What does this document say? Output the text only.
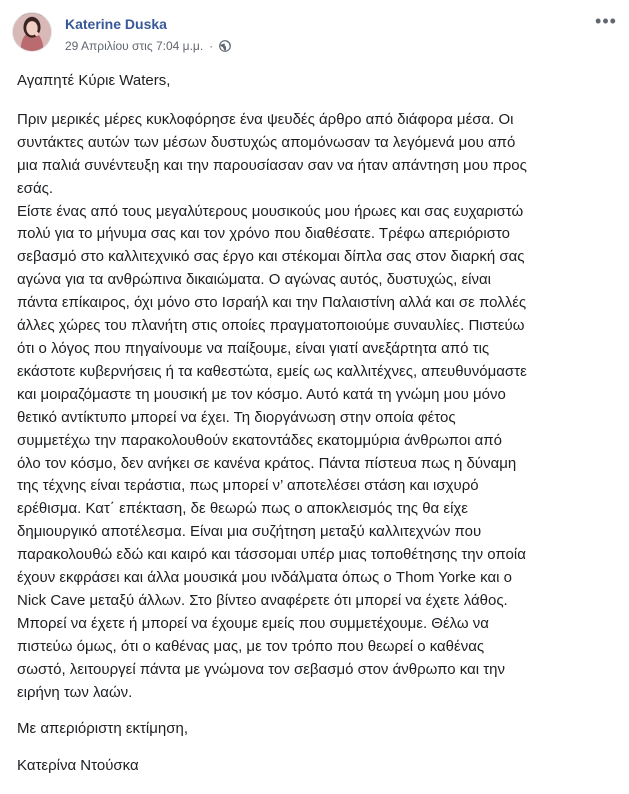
Katerine Duska
29 Απριλίου στις 7:04 μ.μ. ·
•••

Αγαπητέ Κύριε Waters,

Πριν μερικές μέρες κυκλοφόρησε ένα ψευδές άρθρο από διάφορα μέσα. Οι
συντάκτες αυτών των μέσων δυστυχώς απομόνωσαν τα λεγόμενά μου από
μια παλιά συνέντευξη και την παρουσίασαν σαν να ήταν απάντηση μου προς
εσάς.
Είστε ένας από τους μεγαλύτερους μουσικούς μου ήρωες και σας ευχαριστώ
πολύ για το μήνυμα σας και τον χρόνο που διαθέσατε. Τρέφω απεριόριστο
σεβασμό στο καλλιτεχνικό σας έργο και στέκομαι δίπλα σας στον διαρκή σας
αγώνα για τα ανθρώπινα δικαιώματα. Ο αγώνας αυτός, δυστυχώς, είναι
πάντα επίκαιρος, όχι μόνο στο Ισραήλ και την Παλαιστίνη αλλά και σε πολλές
άλλες χώρες του πλανήτη στις οποίες πραγματοποιούμε συναυλίες. Πιστεύω
ότι ο λόγος που πηγαίνουμε να παίξουμε, είναι γιατί ανεξάρτητα από τις
εκάστοτε κυβερνήσεις ή τα καθεστώτα, εμείς ως καλλιτέχνες, απευθυνόμαστε
και μοιραζόμαστε τη μουσική με τον κόσμο. Αυτό κατά τη γνώμη μου μόνο
θετικό αντίκτυπο μπορεί να έχει. Τη διοργάνωση στην οποία φέτος
συμμετέχω την παρακολουθούν εκατοντάδες εκατομμύρια άνθρωποι από
όλο τον κόσμο, δεν ανήκει σε κανένα κράτος. Πάντα πίστευα πως η δύναμη
της τέχνης είναι τεράστια, πως μπορεί ν’ αποτελέσει στάση και ισχυρό
ερέθισμα. Κατ΄ επέκταση, δε θεωρώ πως ο αποκλεισμός της θα είχε
δημιουργικό αποτέλεσμα. Είναι μια συζήτηση μεταξύ καλλιτεχνών που
παρακολουθώ εδώ και καιρό και τάσσομαι υπέρ μιας τοποθέτησης την οποία
έχουν εκφράσει και άλλα μουσικά μου ινδάλματα όπως ο Thom Yorke και ο
Nick Cave μεταξύ άλλων. Στο βίντεο αναφέρετε ότι μπορεί να έχετε λάθος.
Μπορεί να έχετε ή μπορεί να έχουμε εμείς που συμμετέχουμε. Θέλω να
πιστεύω όμως, ότι ο καθένας μας, με τον τρόπο που θεωρεί ο καθένας
σωστό, λειτουργεί πάντα με γνώμονα τον σεβασμό στον άνθρωπο και την
ειρήνη των λαών.

Με απεριόριστη εκτίμηση,

Κατερίνα Ντούσκα
